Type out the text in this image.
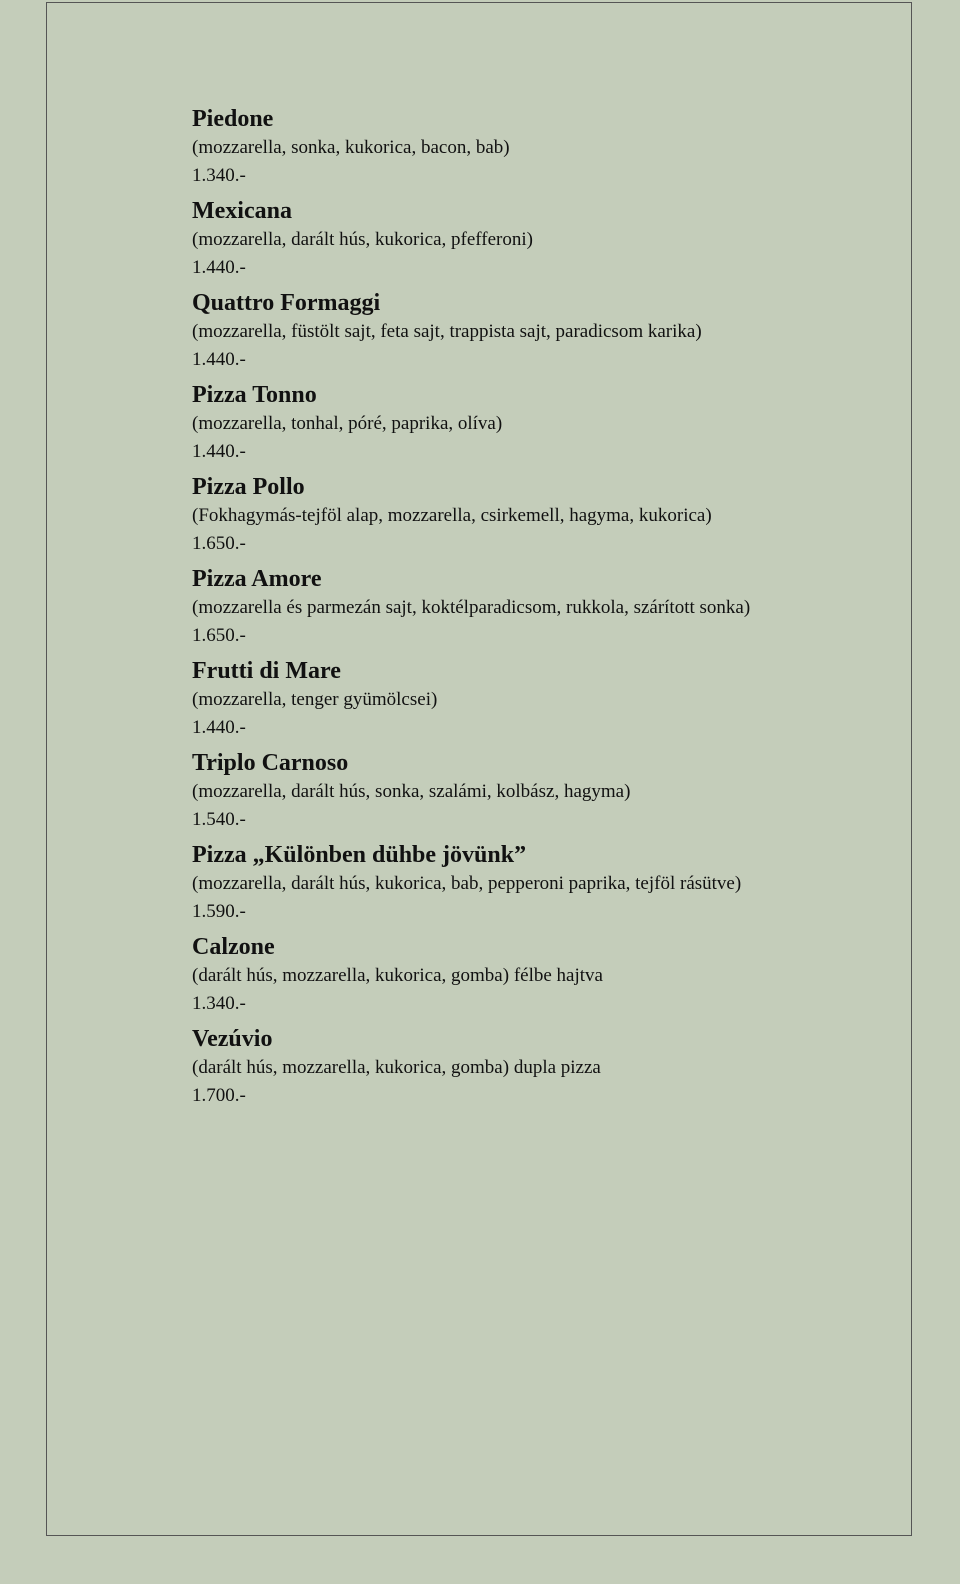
Piedone
(mozzarella, sonka, kukorica, bacon, bab)
1.340.-
Mexicana
(mozzarella, darált hús, kukorica, pfefferoni)
1.440.-
Quattro Formaggi
(mozzarella, füstölt sajt, feta sajt, trappista sajt, paradicsom karika)
1.440.-
Pizza Tonno
(mozzarella, tonhal, póré, paprika, olíva)
1.440.-
Pizza Pollo
(Fokhagymás-tejföl alap, mozzarella, csirkemell, hagyma, kukorica)
1.650.-
Pizza Amore
(mozzarella és parmezán sajt, koktélparadicsom, rukkola, szárított sonka)
1.650.-
Frutti di Mare
(mozzarella, tenger gyümölcsei)
1.440.-
Triplo Carnoso
(mozzarella, darált hús, sonka, szalámi, kolbász, hagyma)
1.540.-
Pizza „Különben dühbe jövünk”
(mozzarella, darált hús, kukorica, bab, pepperoni paprika, tejföl rásütve)
1.590.-
Calzone
(darált hús, mozzarella, kukorica, gomba) félbe hajtva
1.340.-
Vezúvio
(darált hús, mozzarella, kukorica, gomba) dupla pizza
1.700.-
